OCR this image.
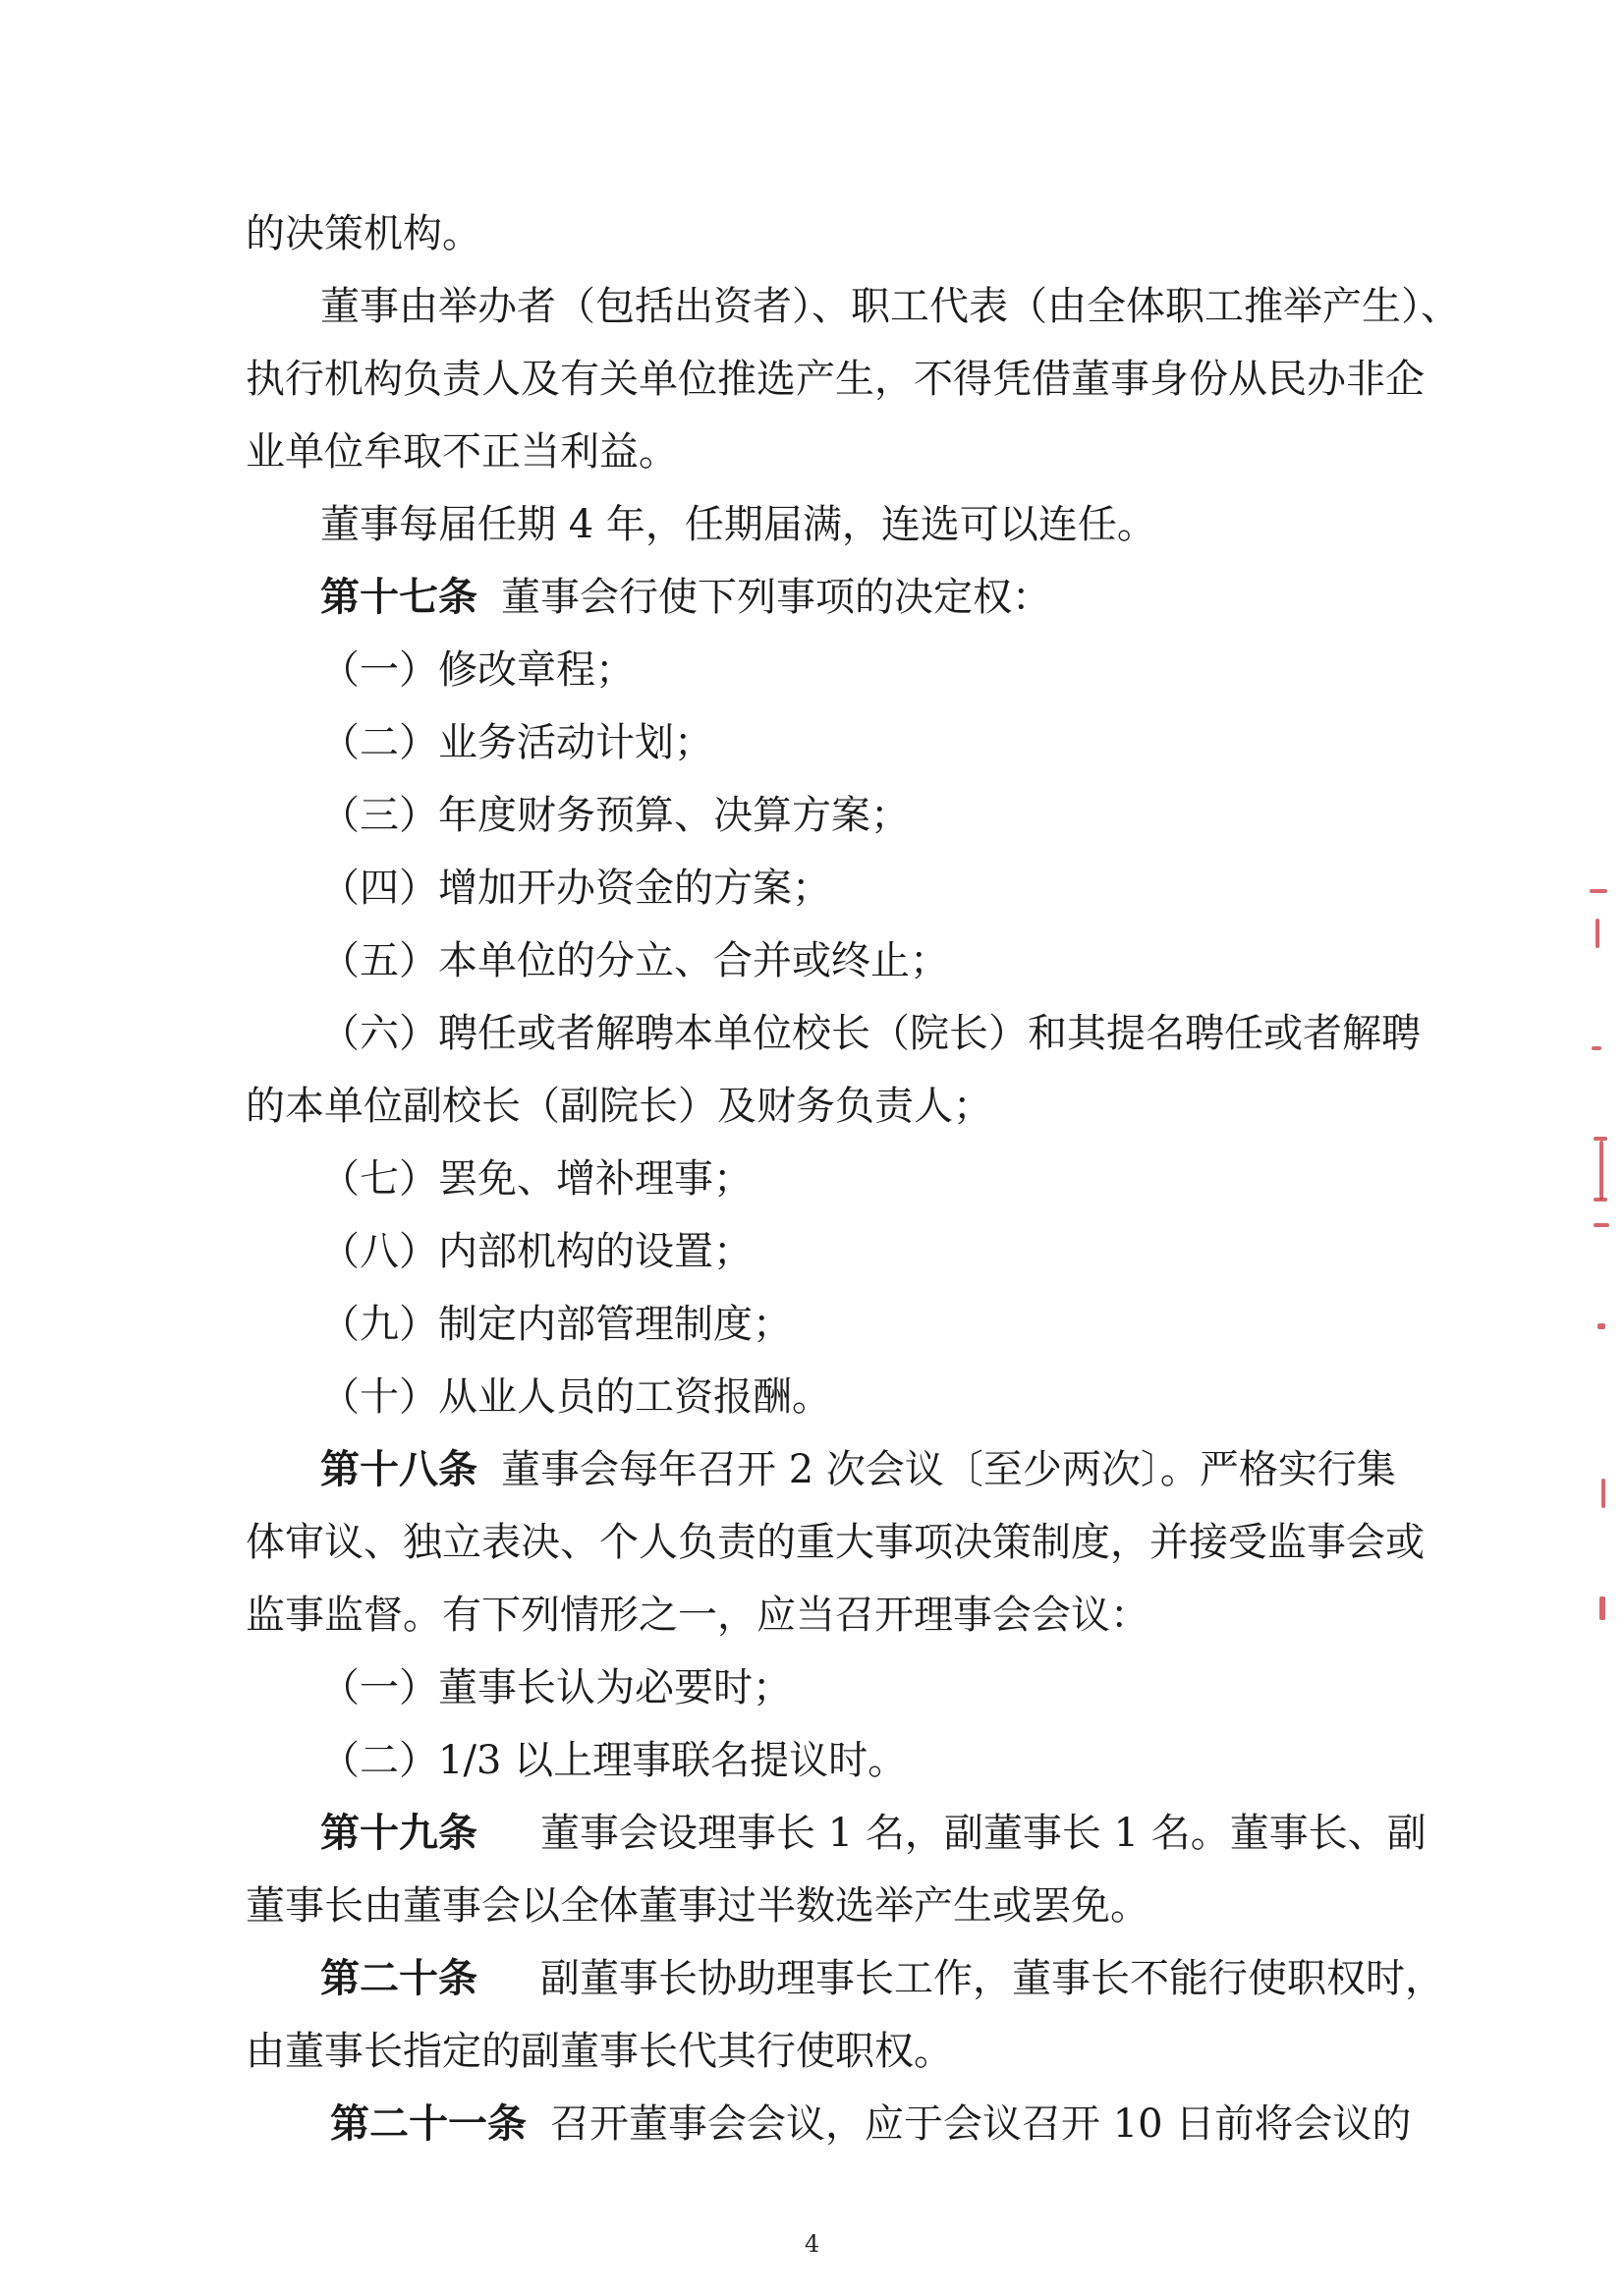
的决策机构。
董事由举办者（包括出资者）、职工代表（由全体职工推举产生）、
执行机构负责人及有关单位推选产生，不得凭借董事身份从民办非企
业单位牟取不正当利益。
董事每届任期 4 年，任期届满，连选可以连任。
第十七条 董事会行使下列事项的决定权：
（一）修改章程；
（二）业务活动计划；
（三）年度财务预算、决算方案；
（四）增加开办资金的方案；
（五）本单位的分立、合并或终止；
（六）聘任或者解聘本单位校长（院长）和其提名聘任或者解聘
的本单位副校长（副院长）及财务负责人；
（七）罢免、增补理事；
（八）内部机构的设置；
（九）制定内部管理制度；
（十）从业人员的工资报酬。
第十八条 董事会每年召开 2 次会议〔至少两次〕。严格实行集
体审议、独立表决、个人负责的重大事项决策制度，并接受监事会或
监事监督。有下列情形之一，应当召开理事会会议：
（一）董事长认为必要时；
（二）1/3 以上理事联名提议时。
第十九条　董事会设理事长 1 名，副董事长 1 名。董事长、副
董事长由董事会以全体董事过半数选举产生或罢免。
第二十条　副董事长协助理事长工作，董事长不能行使职权时，
由董事长指定的副董事长代其行使职权。
第二十一条 召开董事会会议，应于会议召开 10 日前将会议的
4
